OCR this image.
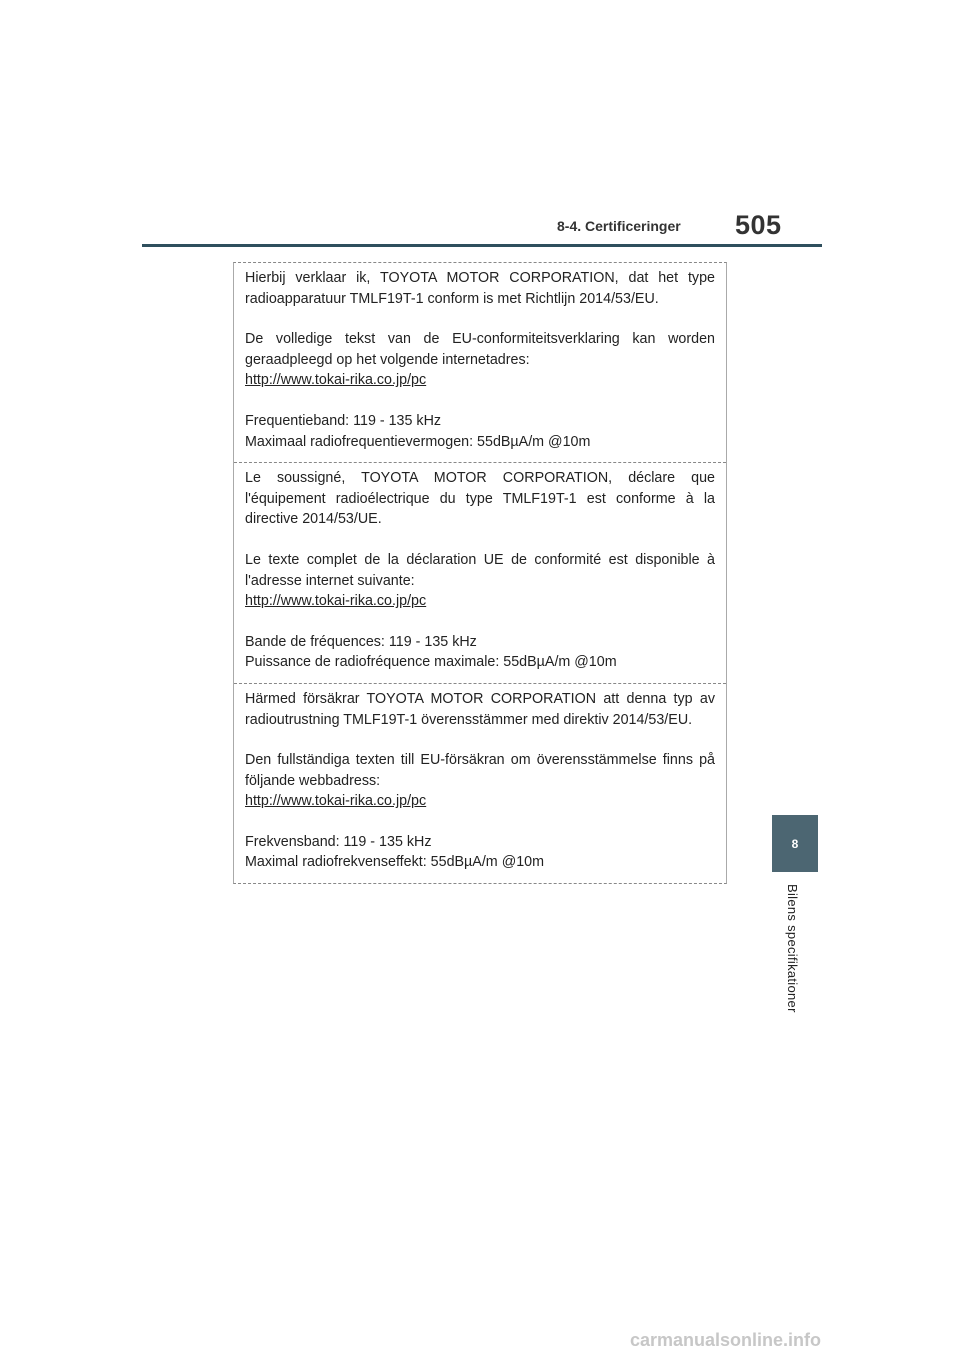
8-4. Certificeringer 505

Hierbij verklaar ik, TOYOTA MOTOR CORPORATION, dat het type radioapparatuur TMLF19T-1 conform is met Richtlijn 2014/53/EU.

De volledige tekst van de EU-conformiteitsverklaring kan worden geraadpleegd op het volgende internetadres:

http://www.tokai-rika.co.jp/pc

Frequentieband: 119 - 135 kHz
Maximaal radiofrequentievermogen: 55dBµA/m @10m

Le soussigné, TOYOTA MOTOR CORPORATION, déclare que l'équipement radioélectrique du type TMLF19T-1 est conforme à la directive 2014/53/UE.

Le texte complet de la déclaration UE de conformité est disponible à l'adresse internet suivante:

http://www.tokai-rika.co.jp/pc

Bande de fréquences: 119 - 135 kHz
Puissance de radiofréquence maximale: 55dBµA/m @10m

Härmed försäkrar TOYOTA MOTOR CORPORATION att denna typ av radioutrustning TMLF19T-1 överensstämmer med direktiv 2014/53/EU.

Den fullständiga texten till EU-försäkran om överensstämmelse finns på följande webbadress:

http://www.tokai-rika.co.jp/pc

Frekvensband: 119 - 135 kHz
Maximal radiofrekvenseffekt: 55dBµA/m @10m

8
Bilens specifikationer
carmanualsonline.info
